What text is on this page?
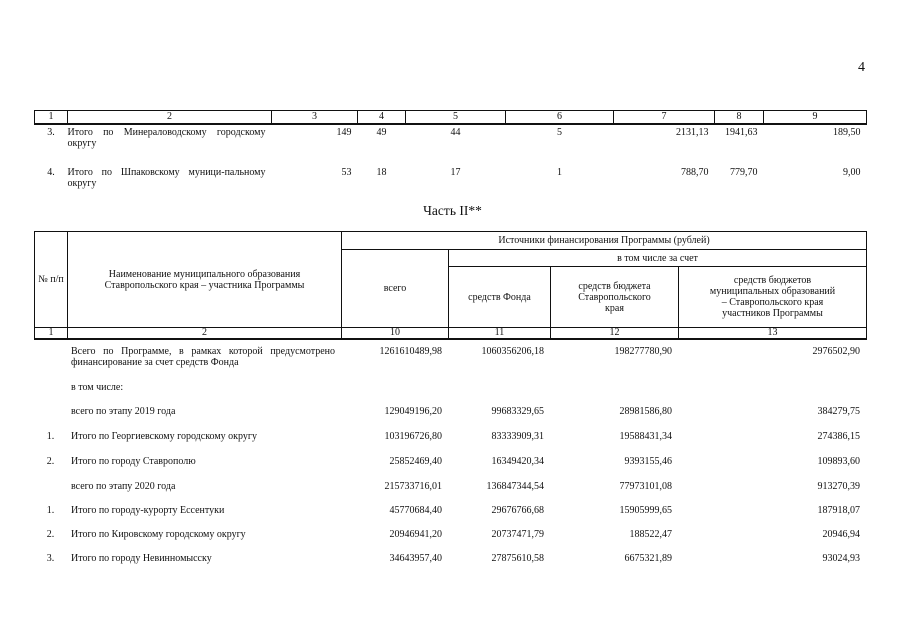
4
1	2	3	4	5	6	7	8	9
3.	Итого по Минераловодскому городскому округу	149	49	44	5	2131,13	1941,63	189,50
4.	Итого по Шпаковскому муници-пальному округу	53	18	17	1	788,70	779,70	9,00
Часть II**
№ п/п	Наименование муниципального образования Ставропольского края – участника Программы	Источники финансирования Программы (рублей)			
		всего	в том числе за счет		
			средств Фонда	средств бюджета Ставропольского края	средств бюджетов муниципальных образований – Ставропольского края участников Программы
1	2	10	11	12	13
	Всего по Программе, в рамках которой предусмотрено финансирование за счет средств Фонда	1261610489,98	1060356206,18	198277780,90	2976502,90
	в том числе:				
	всего по этапу 2019 года	129049196,20	99683329,65	28981586,80	384279,75
1.	Итого по Георгиевскому городскому округу	103196726,80	83333909,31	19588431,34	274386,15
2.	Итого по городу Ставрополю	25852469,40	16349420,34	9393155,46	109893,60
	всего по этапу 2020 года	215733716,01	136847344,54	77973101,08	913270,39
1.	Итого по городу-курорту Ессентуки	45770684,40	29676766,68	15905999,65	187918,07
2.	Итого по Кировскому городскому округу	20946941,20	20737471,79	188522,47	20946,94
3.	Итого по городу Невинномысску	34643957,40	27875610,58	6675321,89	93024,93
